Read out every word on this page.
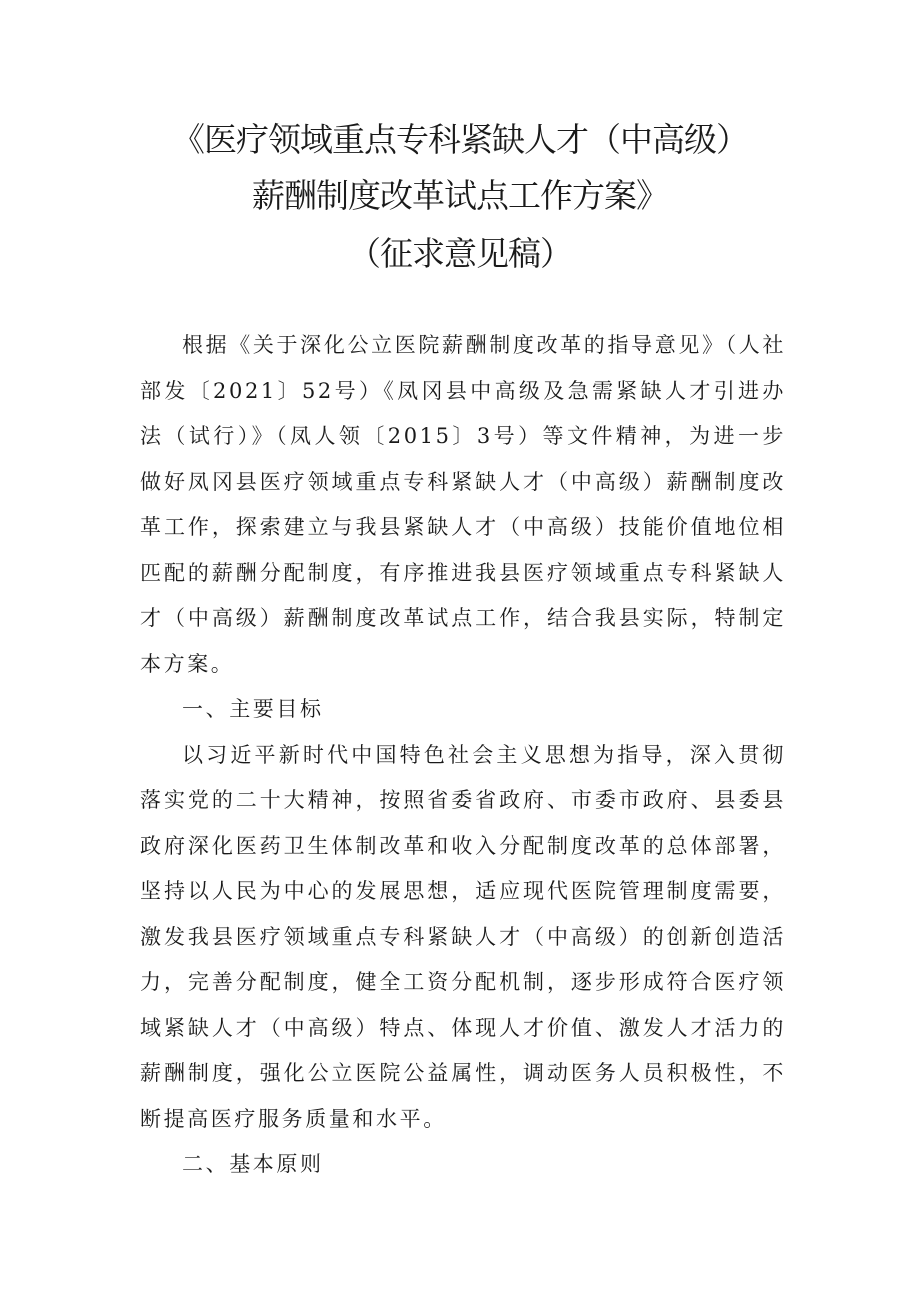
《医疗领域重点专科紧缺人才（中高级）
薪酬制度改革试点工作方案》
（征求意见稿）

根据《关于深化公立医院薪酬制度改革的指导意见》（人社部发〔2021〕52号）《凤冈县中高级及急需紧缺人才引进办法（试行）》（凤人领〔2015〕3号）等文件精神，为进一步做好凤冈县医疗领域重点专科紧缺人才（中高级）薪酬制度改革工作，探索建立与我县紧缺人才（中高级）技能价值地位相匹配的薪酬分配制度，有序推进我县医疗领域重点专科紧缺人才（中高级）薪酬制度改革试点工作，结合我县实际，特制定本方案。

一、主要目标

以习近平新时代中国特色社会主义思想为指导，深入贯彻落实党的二十大精神，按照省委省政府、市委市政府、县委县政府深化医药卫生体制改革和收入分配制度改革的总体部署，坚持以人民为中心的发展思想，适应现代医院管理制度需要，激发我县医疗领域重点专科紧缺人才（中高级）的创新创造活力，完善分配制度，健全工资分配机制，逐步形成符合医疗领域紧缺人才（中高级）特点、体现人才价值、激发人才活力的薪酬制度，强化公立医院公益属性，调动医务人员积极性，不断提高医疗服务质量和水平。

二、基本原则
